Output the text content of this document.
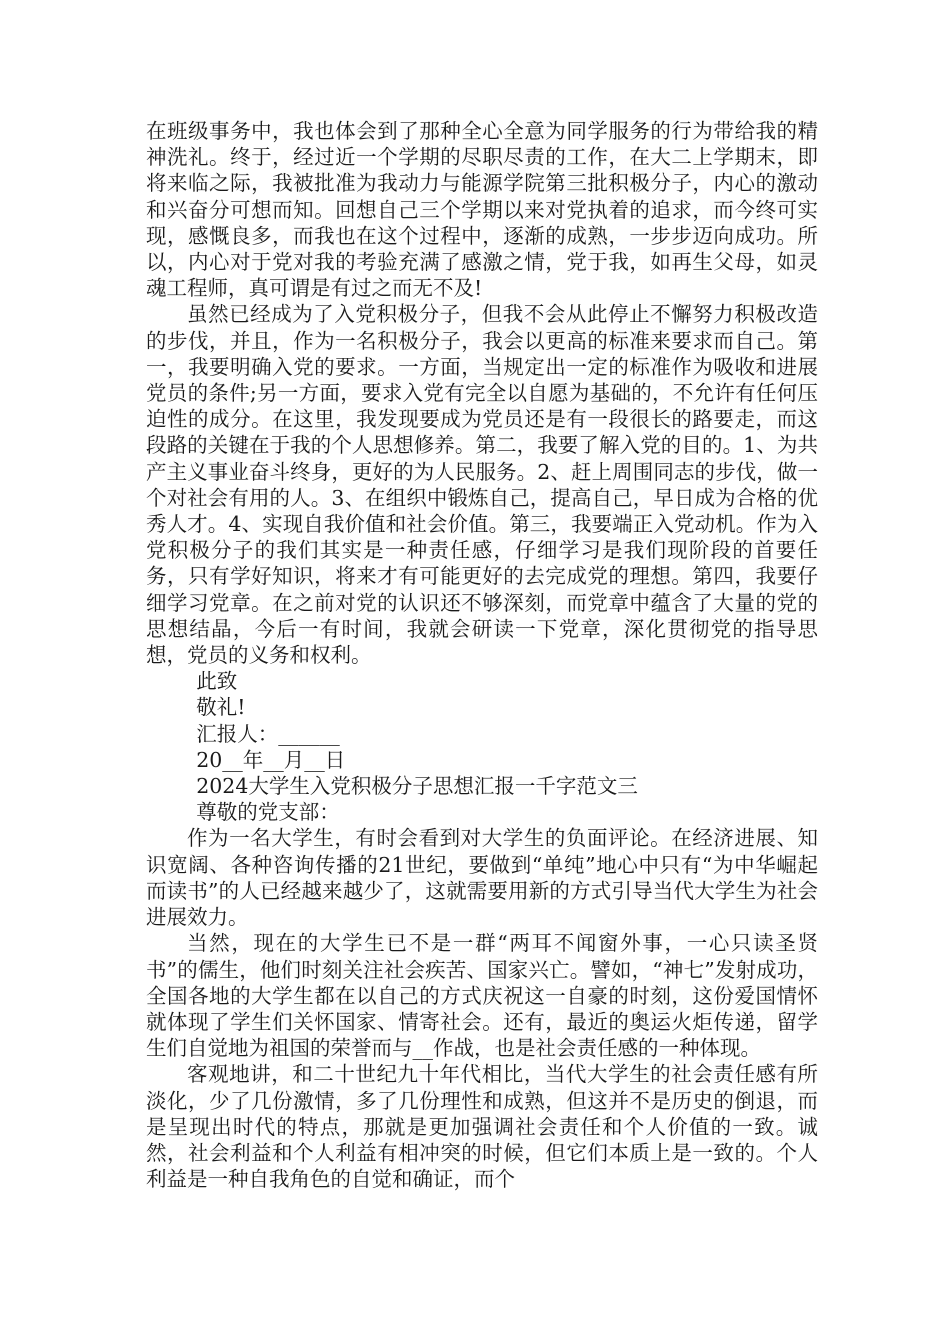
在班级事务中，我也体会到了那种全心全意为同学服务的行为带给我的精神洗礼。终于，经过近一个学期的尽职尽责的工作，在大二上学期末，即将来临之际，我被批准为我动力与能源学院第三批积极分子，内心的激动和兴奋分可想而知。回想自己三个学期以来对党执着的追求，而今终可实现，感慨良多，而我也在这个过程中，逐渐的成熟，一步步迈向成功。所以，内心对于党对我的考验充满了感激之情，党于我，如再生父母，如灵魂工程师，真可谓是有过之而无不及!

虽然已经成为了入党积极分子，但我不会从此停止不懈努力积极改造的步伐，并且，作为一名积极分子，我会以更高的标准来要求而自己。第一，我要明确入党的要求。一方面，当规定出一定的标准作为吸收和进展党员的条件;另一方面，要求入党有完全以自愿为基础的，不允许有任何压迫性的成分。在这里，我发现要成为党员还是有一段很长的路要走，而这段路的关键在于我的个人思想修养。第二，我要了解入党的目的。1、为共产主义事业奋斗终身，更好的为人民服务。2、赶上周围同志的步伐，做一个对社会有用的人。3、在组织中锻炼自己，提高自己，早日成为合格的优秀人才。4、实现自我价值和社会价值。第三，我要端正入党动机。作为入党积极分子的我们其实是一种责任感，仔细学习是我们现阶段的首要任务，只有学好知识，将来才有可能更好的去完成党的理想。第四，我要仔细学习党章。在之前对党的认识还不够深刻，而党章中蕴含了大量的党的思想结晶，今后一有时间，我就会研读一下党章，深化贯彻党的指导思想，党员的义务和权利。

此致

敬礼!

汇报人：______

20__年__月__日

2024大学生入党积极分子思想汇报一千字范文三

尊敬的党支部：

作为一名大学生，有时会看到对大学生的负面评论。在经济进展、知识宽阔、各种咨询传播的21世纪，要做到“单纯”地心中只有“为中华崛起而读书”的人已经越来越少了，这就需要用新的方式引导当代大学生为社会进展效力。

当然，现在的大学生已不是一群“两耳不闻窗外事，一心只读圣贤书”的儒生，他们时刻关注社会疾苦、国家兴亡。譬如，“神七”发射成功，全国各地的大学生都在以自己的方式庆祝这一自豪的时刻，这份爱国情怀就体现了学生们关怀国家、情寄社会。还有，最近的奥运火炬传递，留学生们自觉地为祖国的荣誉而与__作战，也是社会责任感的一种体现。

客观地讲，和二十世纪九十年代相比，当代大学生的社会责任感有所淡化，少了几份激情，多了几份理性和成熟，但这并不是历史的倒退，而是呈现出时代的特点，那就是更加强调社会责任和个人价值的一致。诚然，社会利益和个人利益有相冲突的时候，但它们本质上是一致的。个人利益是一种自我角色的自觉和确证，而个
